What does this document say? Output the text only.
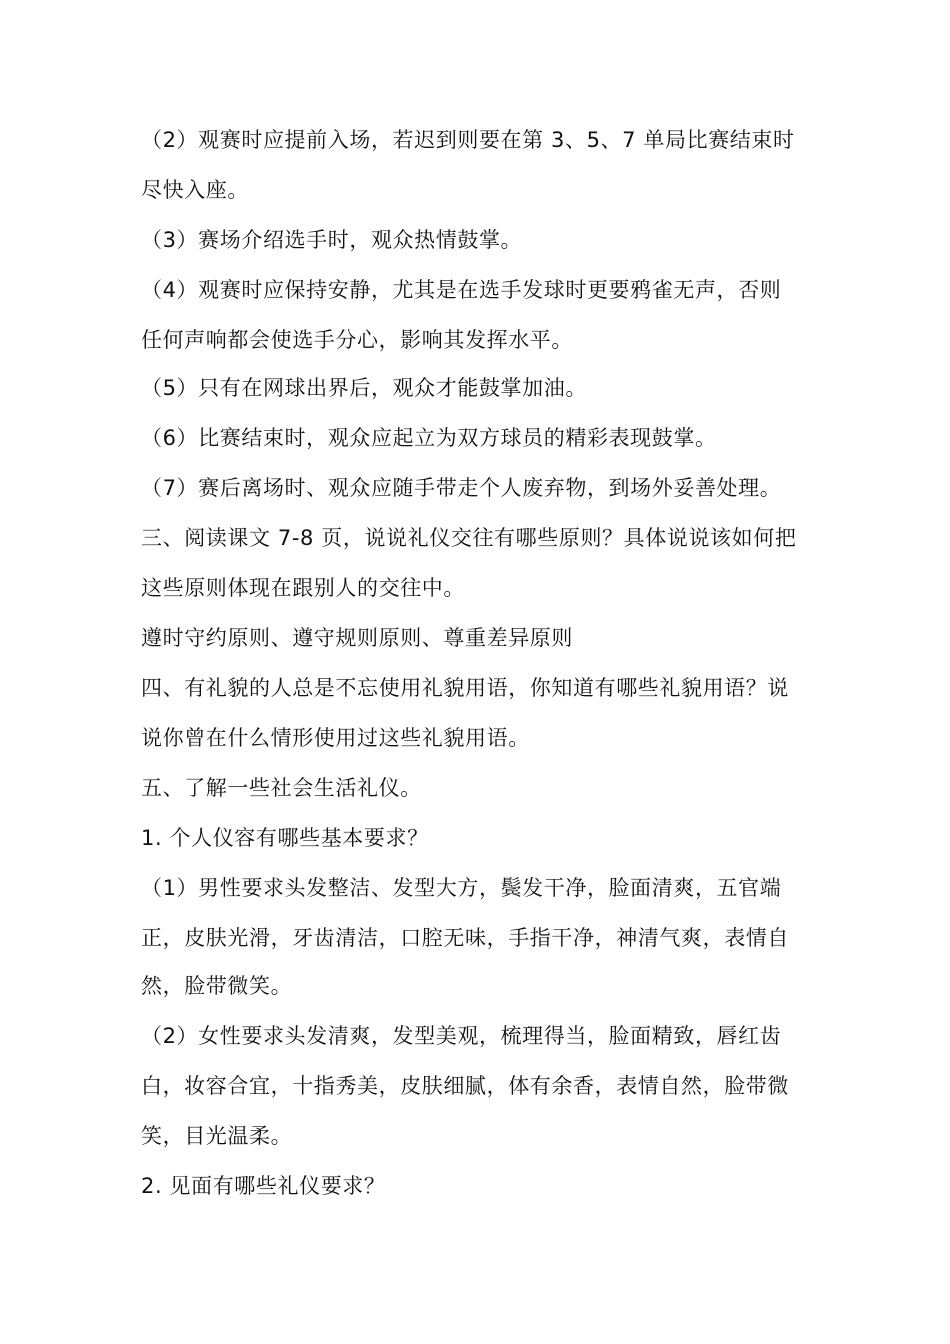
（2）观赛时应提前入场，若迟到则要在第 3、5、7 单局比赛结束时
尽快入座。
（3）赛场介绍选手时，观众热情鼓掌。
（4）观赛时应保持安静，尤其是在选手发球时更要鸦雀无声，否则
任何声响都会使选手分心，影响其发挥水平。
（5）只有在网球出界后，观众才能鼓掌加油。
（6）比赛结束时，观众应起立为双方球员的精彩表现鼓掌。
（7）赛后离场时、观众应随手带走个人废弃物，到场外妥善处理。
三、阅读课文 7-8 页，说说礼仪交往有哪些原则？具体说说该如何把
这些原则体现在跟别人的交往中。
遵时守约原则、遵守规则原则、尊重差异原则
四、有礼貌的人总是不忘使用礼貌用语，你知道有哪些礼貌用语？说
说你曾在什么情形使用过这些礼貌用语。
五、了解一些社会生活礼仪。
1. 个人仪容有哪些基本要求？
（1）男性要求头发整洁、发型大方，鬓发干净，脸面清爽，五官端
正，皮肤光滑，牙齿清洁，口腔无味，手指干净，神清气爽，表情自
然，脸带微笑。
（2）女性要求头发清爽，发型美观，梳理得当，脸面精致，唇红齿
白，妆容合宜，十指秀美，皮肤细腻，体有余香，表情自然，脸带微
笑，目光温柔。
2. 见面有哪些礼仪要求？
